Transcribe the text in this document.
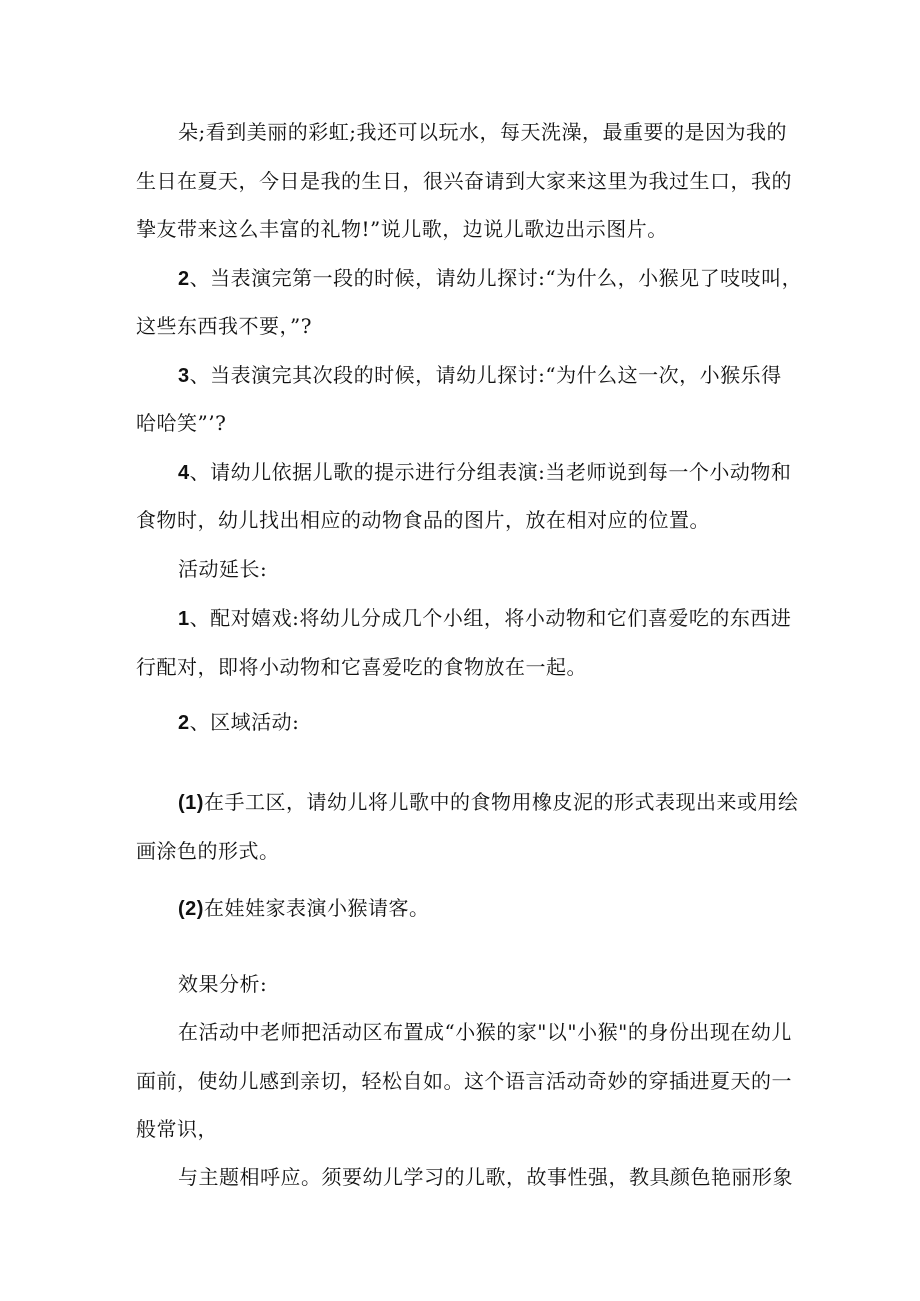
朵;看到美丽的彩虹;我还可以玩水，每天洗澡，最重要的是因为我的
生日在夏天，今日是我的生日，很兴奋请到大家来这里为我过生口，我的
挚友带来这么丰富的礼物!”说儿歌，边说儿歌边出示图片。
2、当表演完第一段的时候，请幼儿探讨:“为什么，小猴见了吱吱叫，
这些东西我不要，”?
3、当表演完其次段的时候，请幼儿探讨:“为什么这一次，小猴乐得
哈哈笑”’?
4、请幼儿依据儿歌的提示进行分组表演:当老师说到每一个小动物和
食物时，幼儿找出相应的动物食品的图片，放在相对应的位置。
活动延长:
1、配对嬉戏:将幼儿分成几个小组，将小动物和它们喜爱吃的东西进
行配对，即将小动物和它喜爱吃的食物放在一起。
2、区域活动:
(1)在手工区，请幼儿将儿歌中的食物用橡皮泥的形式表现出来或用绘
画涂色的形式。
(2)在娃娃家表演小猴请客。
效果分析:
在活动中老师把活动区布置成“小猴的家"以"小猴"的身份出现在幼儿
面前，使幼儿感到亲切，轻松自如。这个语言活动奇妙的穿插进夏天的一
般常识，
与主题相呼应。须要幼儿学习的儿歌，故事性强，教具颜色艳丽形象
